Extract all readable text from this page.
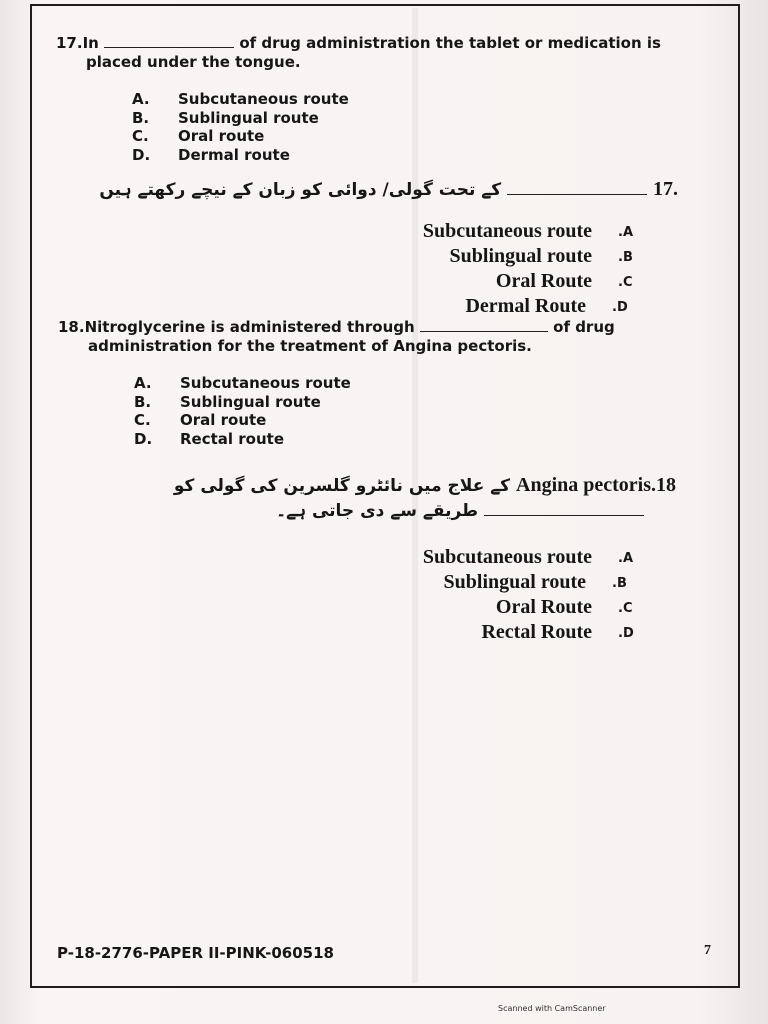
17.In	of drug administration the tablet or medication is
placed under the tongue.
A.	Subcutaneous route
B.	Sublingual route
C.	Oral route
D.	Dermal route
.17  کے تحت گولی/ دوائی کو زبان کے نیچے رکھتے ہیں
Subcutaneous route .A
Sublingual route .B
Oral Route .C
Dermal Route .D
18.Nitroglycerine is administered through	of drug
administration for the treatment of Angina pectoris.
A.	Subcutaneous route
B.	Sublingual route
C.	Oral route
D.	Rectal route
Angina pectoris.18 کے علاج میں نائٹرو گلسرین کی گولی کو
طریقے سے دی جاتی ہے۔
Subcutaneous route .A
Sublingual route .B
Oral Route .C
Rectal Route .D
P-18-2776-PAPER II-PINK-060518	7
Scanned with CamScanner
